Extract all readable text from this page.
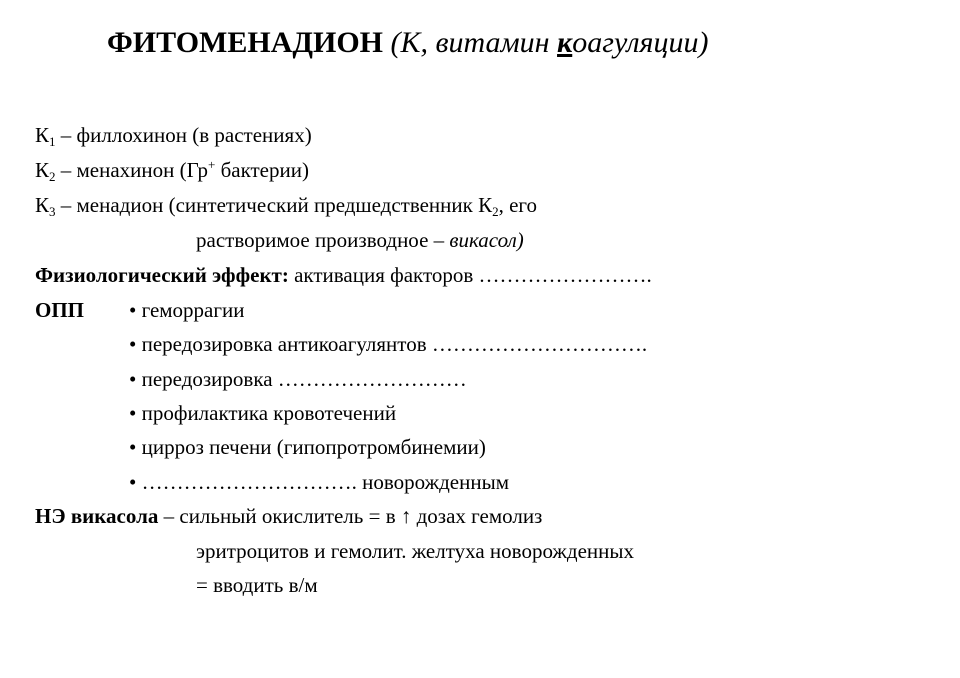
ФИТОМЕНАДИОН (К, витамин коагуляции)
$К_1$ – филлохинон (в растениях)
$К_2$ – менахинон (Гр+ бактерии)
$К_3$ – менадион (синтетический предшедственник $К_2$, его
растворимое производное – викасол)
Физиологический эффект: активация факторов …………………….
ОПП • геморрагии
• передозировка антикоагулянтов ………………………….
• передозировка ………………………
• профилактика кровотечений
• цирроз печени (гипопротромбинемии)
• …………………………. новорожденным
НЭ викасола – сильный окислитель = в ↑ дозах гемолиз
эритроцитов и гемолит. желтуха новорожденных
= вводить в/м
